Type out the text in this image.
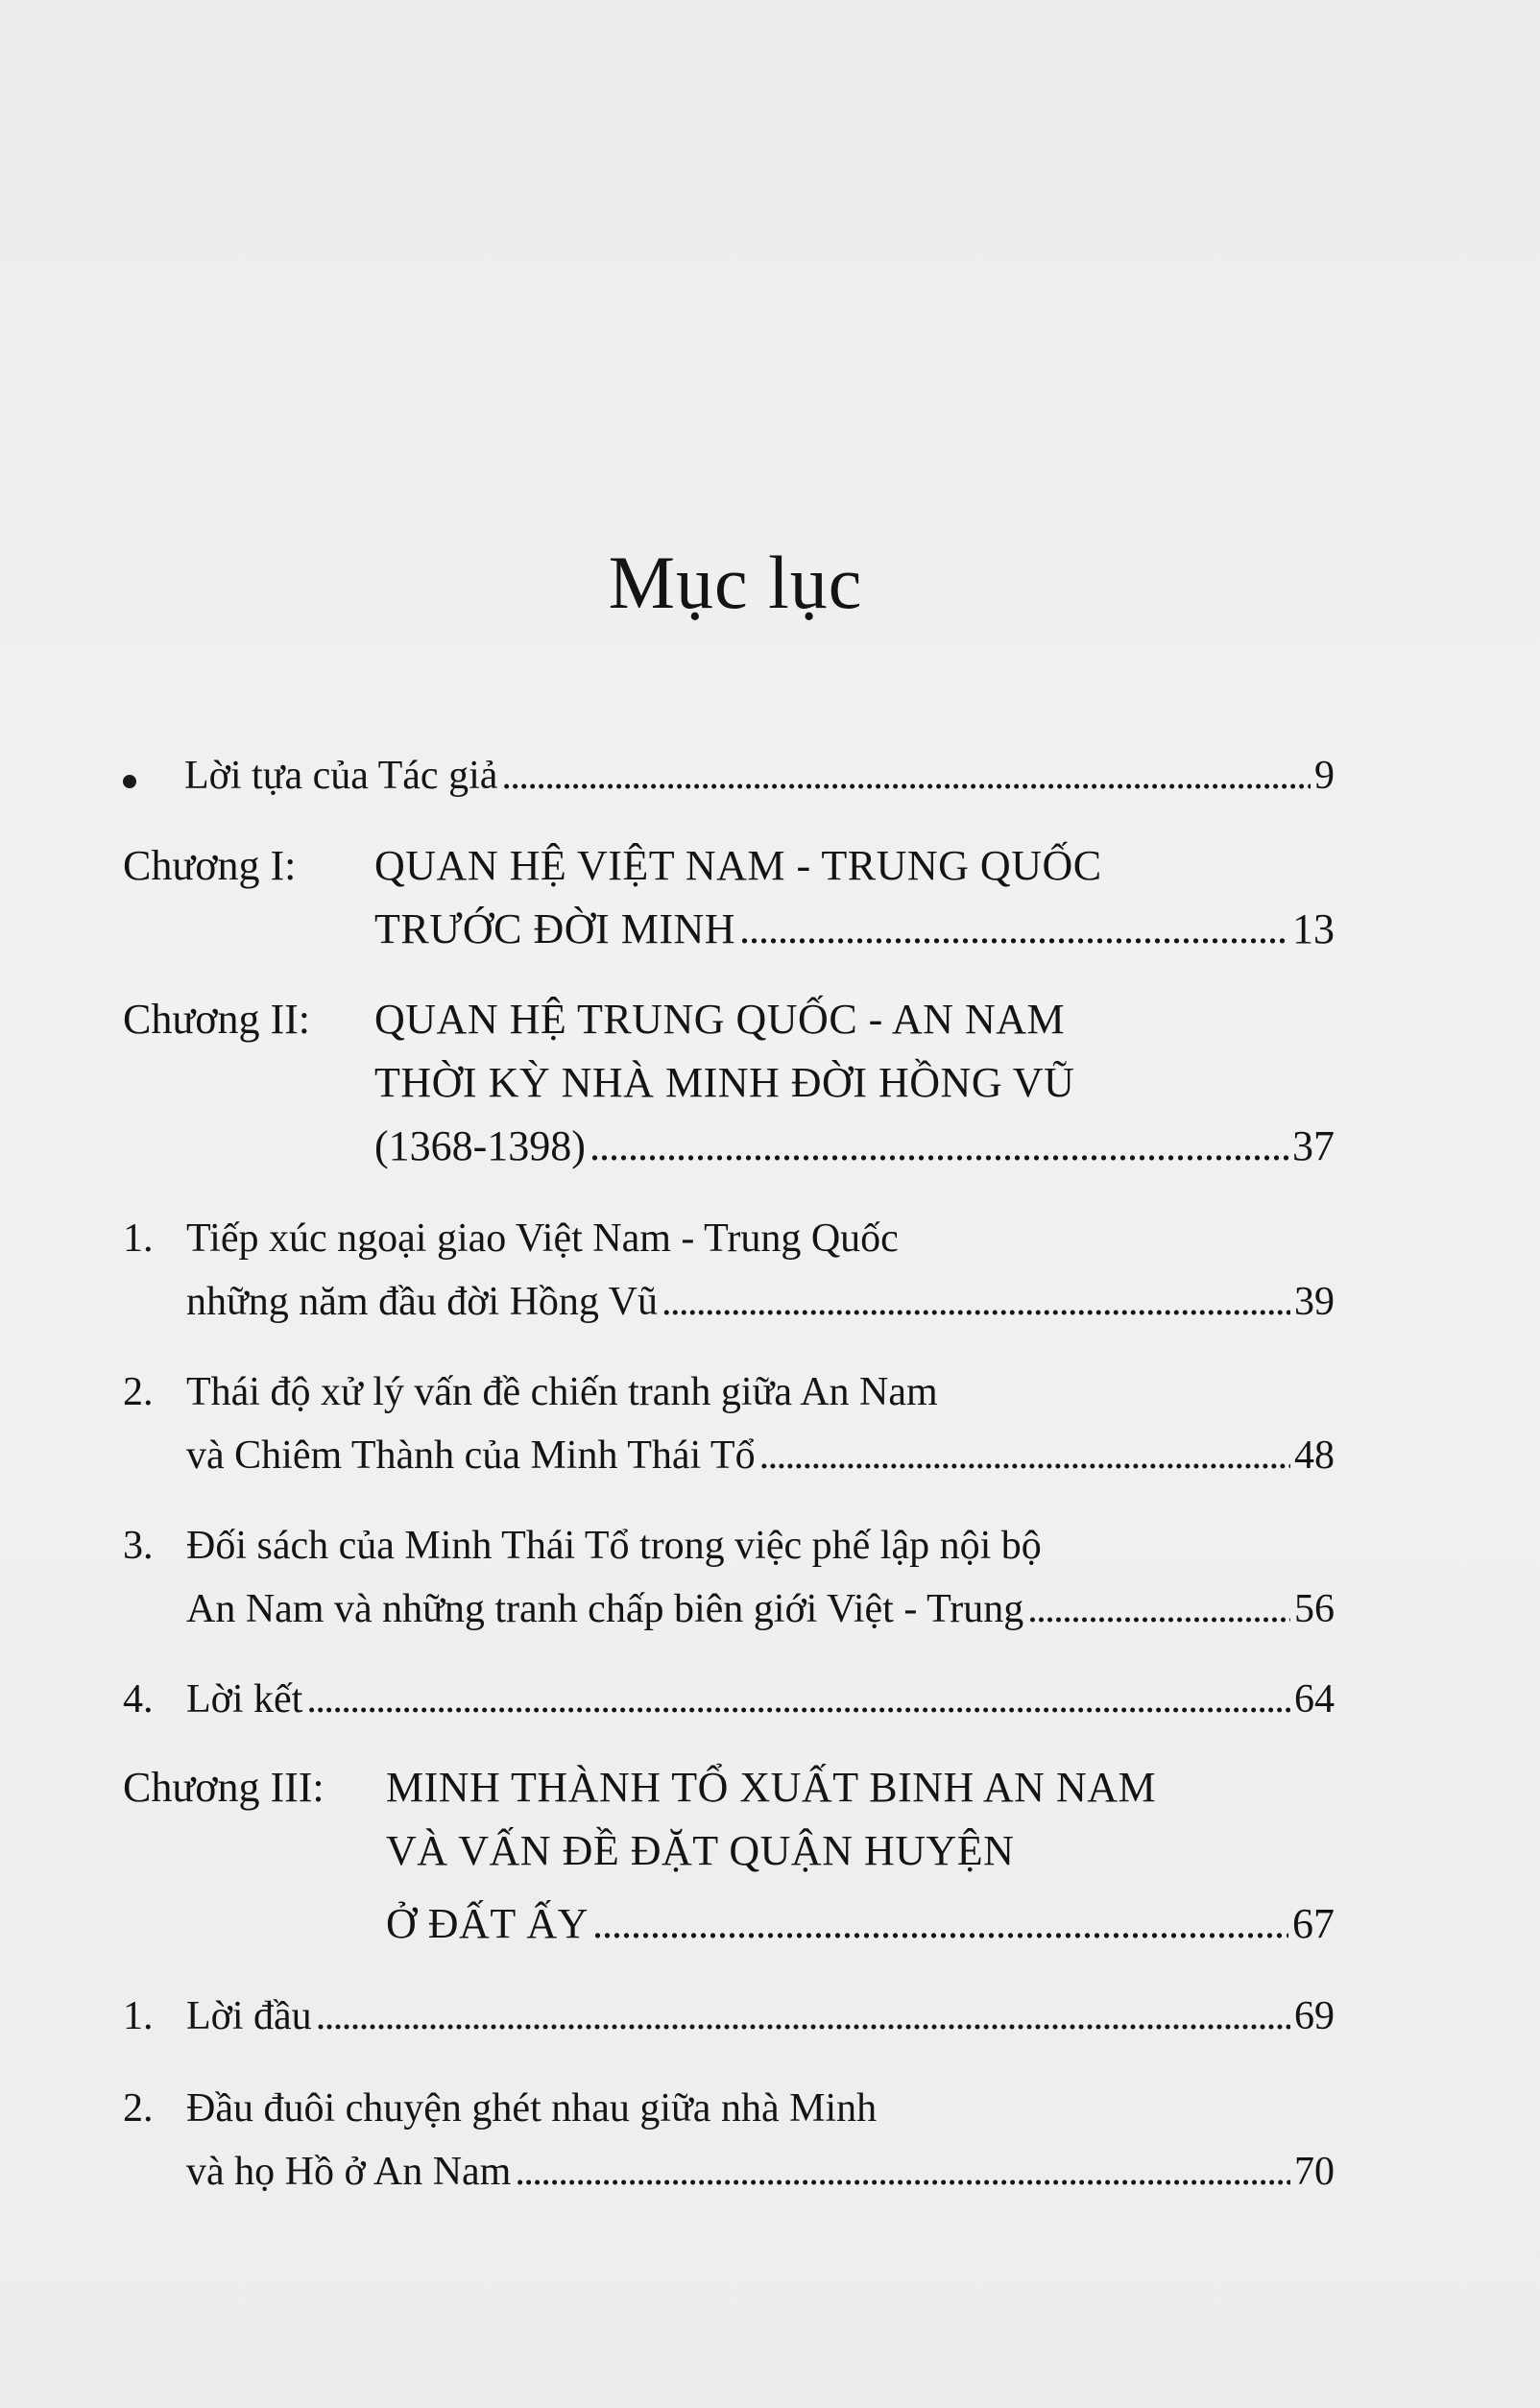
Mục lục
Lời tựa của Tác giả . . .	9
Chương I: QUAN HỆ VIỆT NAM - TRUNG QUỐC
TRƯỚC ĐỜI MINH . . .	13
Chương II: QUAN HỆ TRUNG QUỐC - AN NAM
THỜI KỲ NHÀ MINH ĐỜI HỒNG VŨ
(1368-1398) . . .	37
1. Tiếp xúc ngoại giao Việt Nam - Trung Quốc
những năm đầu đời Hồng Vũ . . .	39
2. Thái độ xử lý vấn đề chiến tranh giữa An Nam
và Chiêm Thành của Minh Thái Tổ . . .	48
3. Đối sách của Minh Thái Tổ trong việc phế lập nội bộ
An Nam và những tranh chấp biên giới Việt - Trung . . .	56
4. Lời kết . . .	64
Chương III: MINH THÀNH TỔ XUẤT BINH AN NAM
VÀ VẤN ĐỀ ĐẶT QUẬN HUYỆN
Ở ĐẤT ẤY . . .	67
1. Lời đầu . . .	69
2. Đầu đuôi chuyện ghét nhau giữa nhà Minh
và họ Hồ ở An Nam . . .	70
